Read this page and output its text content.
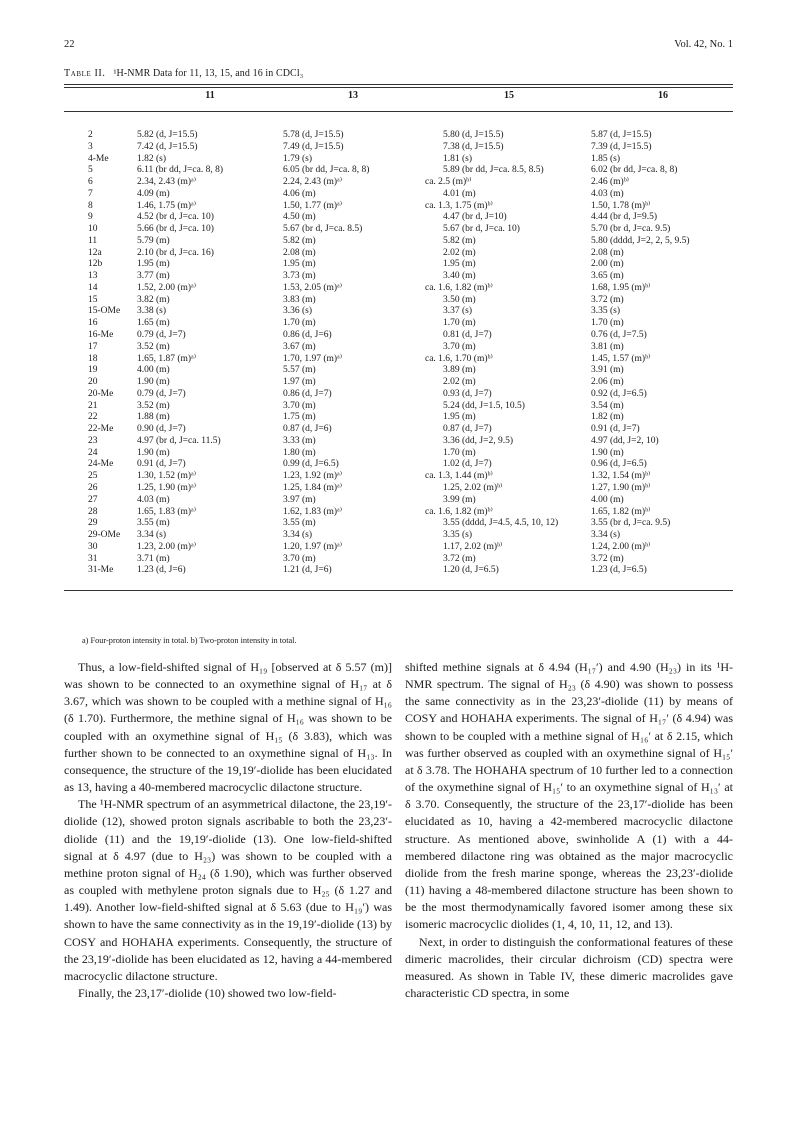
22	Vol. 42, No. 1
Table II. ¹H-NMR Data for 11, 13, 15, and 16 in CDCl₃
11	13	15	16
2	5.82 (d, J=15.5)	5.78 (d, J=15.5)	5.80 (d, J=15.5)	5.87 (d, J=15.5)
3	7.42 (d, J=15.5)	7.49 (d, J=15.5)	7.38 (d, J=15.5)	7.39 (d, J=15.5)
4-Me	1.82 (s)	1.79 (s)	1.81 (s)	1.85 (s)
5	6.11 (br dd, J=ca. 8, 8)	6.05 (br dd, J=ca. 8, 8)	5.89 (br dd, J=ca. 8.5, 8.5)	6.02 (br dd, J=ca. 8, 8)
6	2.34, 2.43 (m)ᵃ⁾	2.24, 2.43 (m)ᵃ⁾	ca. 2.5 (m)ᵇ⁾	2.46 (m)ᵇ⁾
7	4.09 (m)	4.06 (m)	4.01 (m)	4.03 (m)
8	1.46, 1.75 (m)ᵃ⁾	1.50, 1.77 (m)ᵃ⁾	ca. 1.3, 1.75 (m)ᵇ⁾	1.50, 1.78 (m)ᵇ⁾
9	4.52 (br d, J=ca. 10)	4.50 (m)	4.47 (br d, J=10)	4.44 (br d, J=9.5)
10	5.66 (br d, J=ca. 10)	5.67 (br d, J=ca. 8.5)	5.67 (br d, J=ca. 10)	5.70 (br d, J=ca. 9.5)
11	5.79 (m)	5.82 (m)	5.82 (m)	5.80 (dddd, J=2, 2, 5, 9.5)
12a	2.10 (br d, J=ca. 16)	2.08 (m)	2.02 (m)	2.08 (m)
12b	1.95 (m)	1.95 (m)	1.95 (m)	2.00 (m)
13	3.77 (m)	3.73 (m)	3.40 (m)	3.65 (m)
14	1.52, 2.00 (m)ᵃ⁾	1.53, 2.05 (m)ᵃ⁾	ca. 1.6, 1.82 (m)ᵇ⁾	1.68, 1.95 (m)ᵇ⁾
15	3.82 (m)	3.83 (m)	3.50 (m)	3.72 (m)
15-OMe 3.38 (s)	3.36 (s)	3.37 (s)	3.35 (s)
16	1.65 (m)	1.70 (m)	1.70 (m)	1.70 (m)
16-Me 0.79 (d, J=7)	0.86 (d, J=6)	0.81 (d, J=7)	0.76 (d, J=7.5)
17	3.52 (m)	3.67 (m)	3.70 (m)	3.81 (m)
18	1.65, 1.87 (m)ᵃ⁾	1.70, 1.97 (m)ᵃ⁾	ca. 1.6, 1.70 (m)ᵇ⁾	1.45, 1.57 (m)ᵇ⁾
19	4.00 (m)	5.57 (m)	3.89 (m)	3.91 (m)
20	1.90 (m)	1.97 (m)	2.02 (m)	2.06 (m)
20-Me 0.79 (d, J=7)	0.86 (d, J=7)	0.93 (d, J=7)	0.92 (d, J=6.5)
21	3.52 (m)	3.70 (m)	5.24 (dd, J=1.5, 10.5)	3.54 (m)
22	1.88 (m)	1.75 (m)	1.95 (m)	1.82 (m)
22-Me 0.90 (d, J=7)	0.87 (d, J=6)	0.87 (d, J=7)	0.91 (d, J=7)
23	4.97 (br d, J=ca. 11.5)	3.33 (m)	3.36 (dd, J=2, 9.5)	4.97 (dd, J=2, 10)
24	1.90 (m)	1.80 (m)	1.70 (m)	1.90 (m)
24-Me 0.91 (d, J=7)	0.99 (d, J=6.5)	1.02 (d, J=7)	0.96 (d, J=6.5)
25	1.30, 1.52 (m)ᵃ⁾	1.23, 1.92 (m)ᵃ⁾	ca. 1.3, 1.44 (m)ᵇ⁾	1.32, 1.54 (m)ᵇ⁾
26	1.25, 1.90 (m)ᵃ⁾	1.25, 1.84 (m)ᵃ⁾	1.25, 2.02 (m)ᵇ⁾	1.27, 1.90 (m)ᵇ⁾
27	4.03 (m)	3.97 (m)	3.99 (m)	4.00 (m)
28	1.65, 1.83 (m)ᵃ⁾	1.62, 1.83 (m)ᵃ⁾	ca. 1.6, 1.82 (m)ᵇ⁾	1.65, 1.82 (m)ᵇ⁾
29	3.55 (m)	3.55 (m)	3.55 (dddd, J=4.5, 4.5, 10, 12)	3.55 (br d, J=ca. 9.5)
29-OMe 3.34 (s)	3.34 (s)	3.35 (s)	3.34 (s)
30	1.23, 2.00 (m)ᵃ⁾	1.20, 1.97 (m)ᵃ⁾	1.17, 2.02 (m)ᵇ⁾	1.24, 2.00 (m)ᵇ⁾
31	3.71 (m)	3.70 (m)	3.72 (m)	3.72 (m)
31-Me 1.23 (d, J=6)	1.21 (d, J=6)	1.20 (d, J=6.5)	1.23 (d, J=6.5)
a) Four-proton intensity in total. b) Two-proton intensity in total.

Thus, a low-field-shifted signal of H₁₉ [observed at δ 5.57 (m)] was shown to be connected to an oxymethine signal of H₁₇ at δ 3.67, which was shown to be coupled with a methine signal of H₁₆ (δ 1.70). Furthermore, the methine signal of H₁₆ was shown to be coupled with an oxymethine signal of H₁₅ (δ 3.83), which was further shown to be connected to an oxymethine signal of H₁₃. In consequence, the structure of the 19,19′-diolide has been elucidated as 13, having a 40-membered macrocyclic dilactone structure.

The ¹H-NMR spectrum of an asymmetrical dilactone, the 23,19′-diolide (12), showed proton signals ascribable to both the 23,23′-diolide (11) and the 19,19′-diolide (13). One low-field-shifted signal at δ 4.97 (due to H₂₃) was shown to be coupled with a methine proton signal of H₂₄ (δ 1.90), which was further observed as coupled with methylene proton signals due to H₂₅ (δ 1.27 and 1.49). Another low-field-shifted signal at δ 5.63 (due to H₁₉′) was shown to have the same connectivity as in the 19,19′-diolide (13) by COSY and HOHAHA experiments. Consequently, the structure of the 23,19′-diolide has been elucidated as 12, having a 44-membered macrocyclic dilactone structure.

Finally, the 23,17′-diolide (10) showed two low-field-

shifted methine signals at δ 4.94 (H₁₇′) and 4.90 (H₂₃) in its ¹H-NMR spectrum. The signal of H₂₃ (δ 4.90) was shown to possess the same connectivity as in the 23,23′-diolide (11) by means of COSY and HOHAHA experiments. The signal of H₁₇′ (δ 4.94) was shown to be coupled with a methine signal of H₁₆′ at δ 2.15, which was further observed as coupled with an oxymethine signal of H₁₅′ at δ 3.78. The HOHAHA spectrum of 10 further led to a connection of the oxymethine signal of H₁₅′ to an oxymethine signal of H₁₃′ at δ 3.70. Consequently, the structure of the 23,17′-diolide has been elucidated as 10, having a 42-membered macrocyclic dilactone structure. As mentioned above, swinholide A (1) with a 44-membered dilactone ring was obtained as the major macrocyclic diolide from the fresh marine sponge, whereas the 23,23′-diolide (11) having a 48-membered dilactone structure has been shown to be the most thermodynamically favored isomer among these six isomeric macrocyclic diolides (1, 4, 10, 11, 12, and 13).

Next, in order to distinguish the conformational features of these dimeric macrolides, their circular dichroism (CD) spectra were measured. As shown in Table IV, these dimeric macrolides gave characteristic CD spectra, in some
